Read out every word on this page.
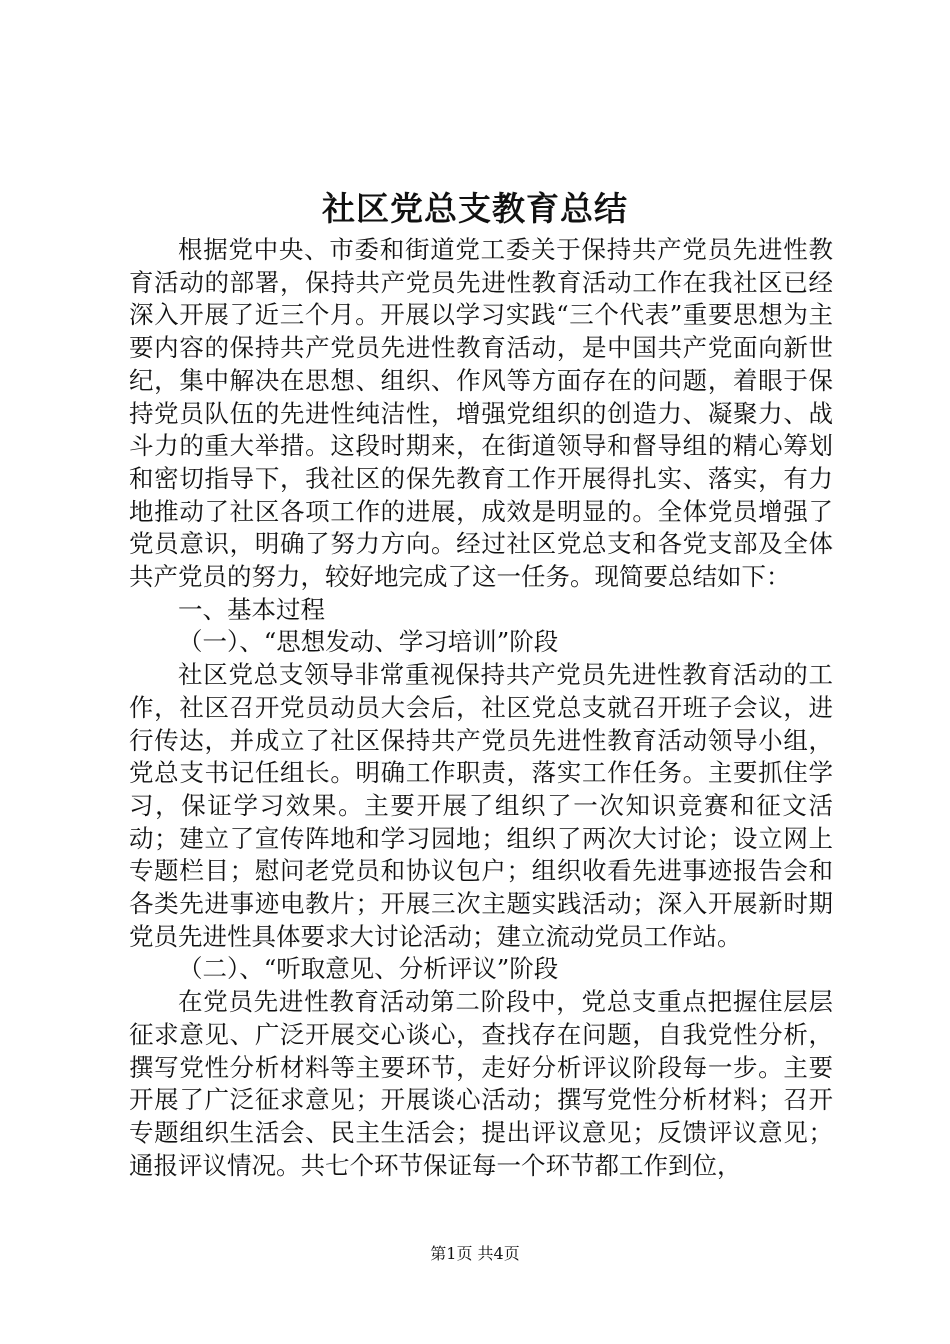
社区党总支教育总结

根据党中央、市委和街道党工委关于保持共产党员先进性教育活动的部署，保持共产党员先进性教育活动工作在我社区已经深入开展了近三个月。开展以学习实践“三个代表”重要思想为主要内容的保持共产党员先进性教育活动，是中国共产党面向新世纪，集中解决在思想、组织、作风等方面存在的问题，着眼于保持党员队伍的先进性纯洁性，增强党组织的创造力、凝聚力、战斗力的重大举措。这段时期来，在街道领导和督导组的精心筹划和密切指导下，我社区的保先教育工作开展得扎实、落实，有力地推动了社区各项工作的进展，成效是明显的。全体党员增强了党员意识，明确了努力方向。经过社区党总支和各党支部及全体共产党员的努力，较好地完成了这一任务。现简要总结如下：

一、基本过程

（一）、“思想发动、学习培训”阶段

社区党总支领导非常重视保持共产党员先进性教育活动的工作，社区召开党员动员大会后，社区党总支就召开班子会议，进行传达，并成立了社区保持共产党员先进性教育活动领导小组，党总支书记任组长。明确工作职责，落实工作任务。主要抓住学习，保证学习效果。主要开展了组织了一次知识竞赛和征文活动；建立了宣传阵地和学习园地；组织了两次大讨论；设立网上专题栏目；慰问老党员和协议包户；组织收看先进事迹报告会和各类先进事迹电教片；开展三次主题实践活动；深入开展新时期党员先进性具体要求大讨论活动；建立流动党员工作站。

（二）、“听取意见、分析评议”阶段

在党员先进性教育活动第二阶段中，党总支重点把握住层层征求意见、广泛开展交心谈心，查找存在问题，自我党性分析，撰写党性分析材料等主要环节，走好分析评议阶段每一步。主要开展了广泛征求意见；开展谈心活动；撰写党性分析材料；召开专题组织生活会、民主生活会；提出评议意见；反馈评议意见；通报评议情况。共七个环节保证每一个环节都工作到位，

第1页 共4页
